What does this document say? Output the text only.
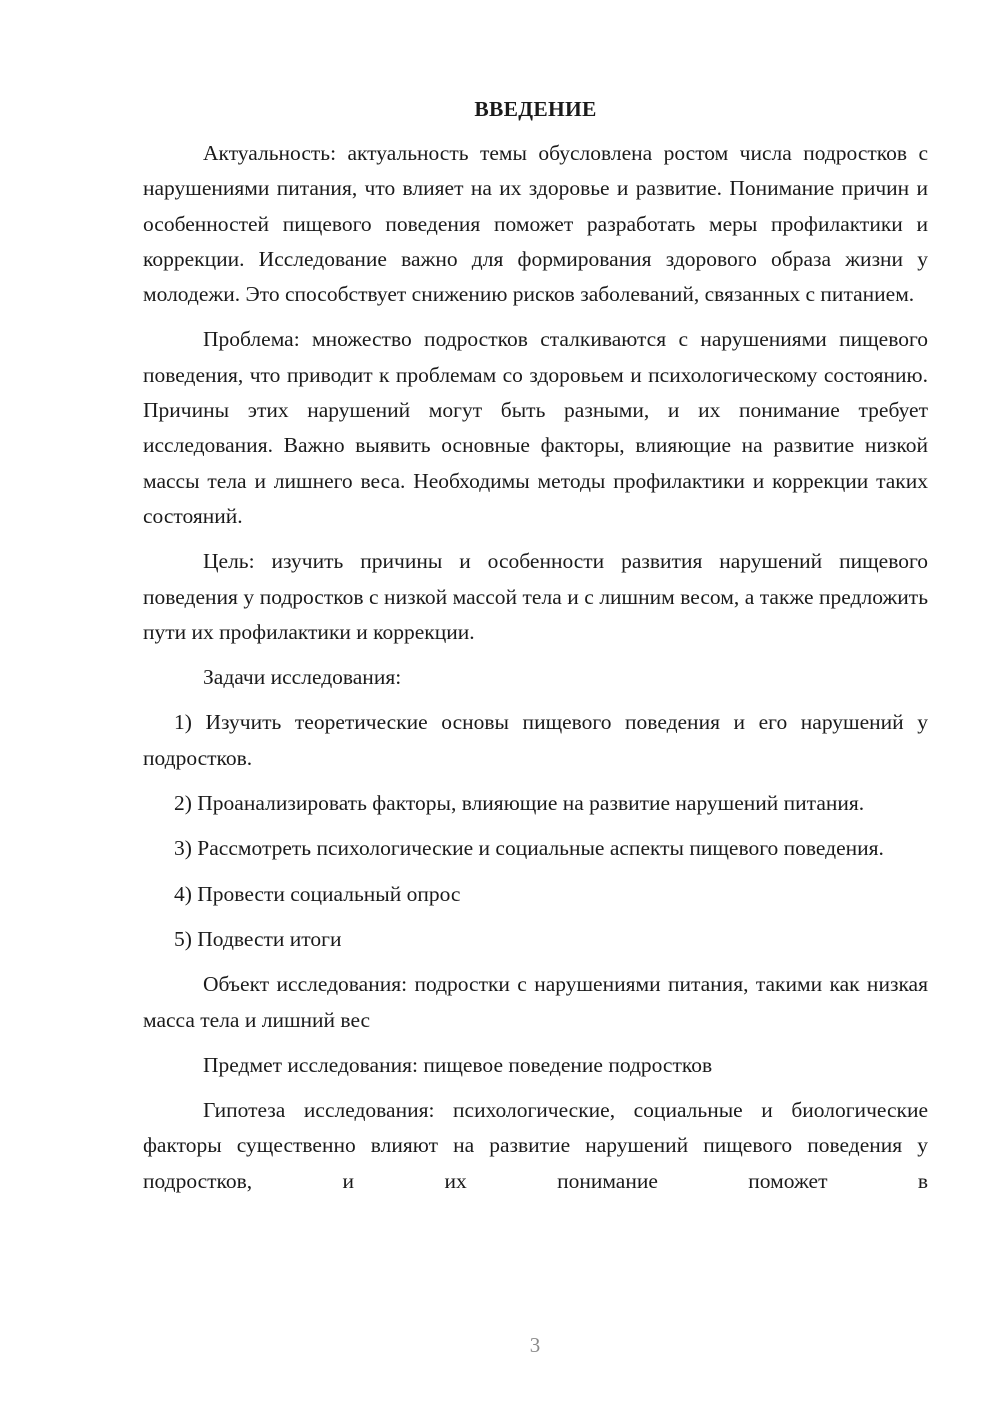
ВВЕДЕНИЕ

Актуальность: актуальность темы обусловлена ростом числа подростков с нарушениями питания, что влияет на их здоровье и развитие. Понимание причин и особенностей пищевого поведения поможет разработать меры профилактики и коррекции. Исследование важно для формирования здорового образа жизни у молодежи. Это способствует снижению рисков заболеваний, связанных с питанием.

Проблема: множество подростков сталкиваются с нарушениями пищевого поведения, что приводит к проблемам со здоровьем и психологическому состоянию. Причины этих нарушений могут быть разными, и их понимание требует исследования. Важно выявить основные факторы, влияющие на развитие низкой массы тела и лишнего веса. Необходимы методы профилактики и коррекции таких состояний.

Цель: изучить причины и особенности развития нарушений пищевого поведения у подростков с низкой массой тела и с лишним весом, а также предложить пути их профилактики и коррекции.

Задачи исследования:

1) Изучить теоретические основы пищевого поведения и его нарушений у подростков.

2) Проанализировать факторы, влияющие на развитие нарушений питания.

3) Рассмотреть психологические и социальные аспекты пищевого поведения.

4) Провести социальный опрос

5) Подвести итоги

Объект исследования: подростки с нарушениями питания, такими как низкая масса тела и лишний вес

Предмет исследования: пищевое поведение подростков

Гипотеза исследования: психологические, социальные и биологические факторы существенно влияют на развитие нарушений пищевого поведения у подростков, и их понимание поможет в

3
